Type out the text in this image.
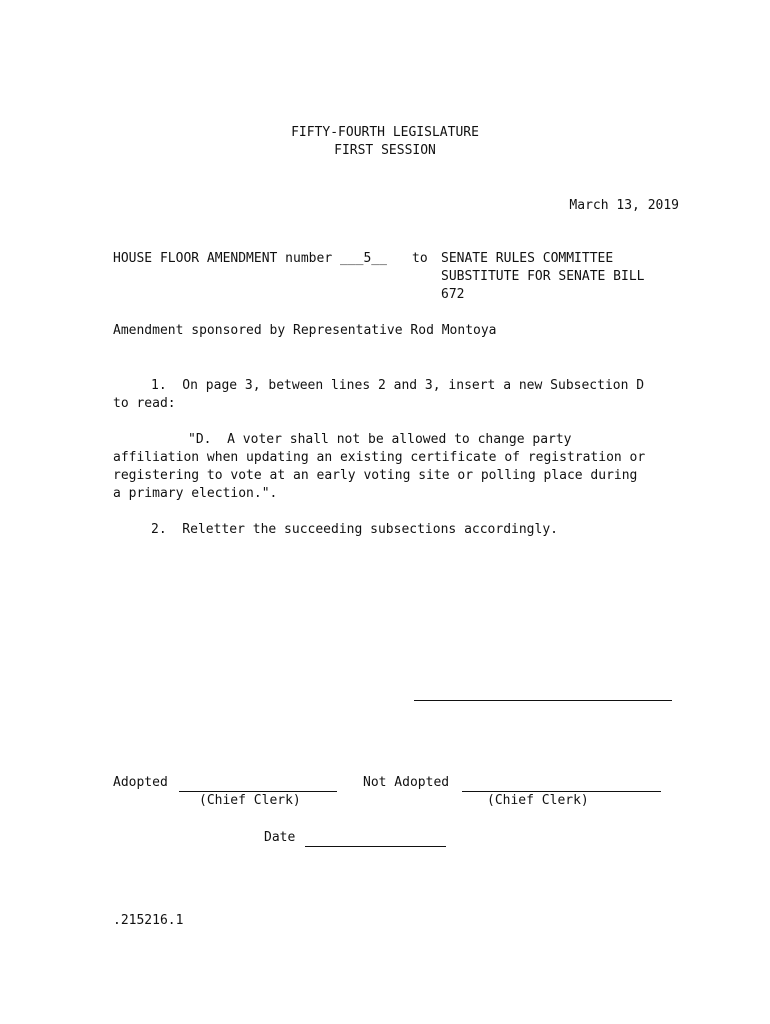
FIFTY-FOURTH LEGISLATURE
FIRST SESSION
March 13, 2019
HOUSE FLOOR AMENDMENT number ___5__ to SENATE RULES COMMITTEE
SUBSTITUTE FOR SENATE BILL
672
Amendment sponsored by Representative Rod Montoya
1.  On page 3, between lines 2 and 3, insert a new Subsection D
to read:
"D.  A voter shall not be allowed to change party
affiliation when updating an existing certificate of registration or
registering to vote at an early voting site or polling place during
a primary election.".
2.  Reletter the succeeding subsections accordingly.
Adopted
(Chief Clerk)
Not Adopted
(Chief Clerk)
Date
.215216.1
